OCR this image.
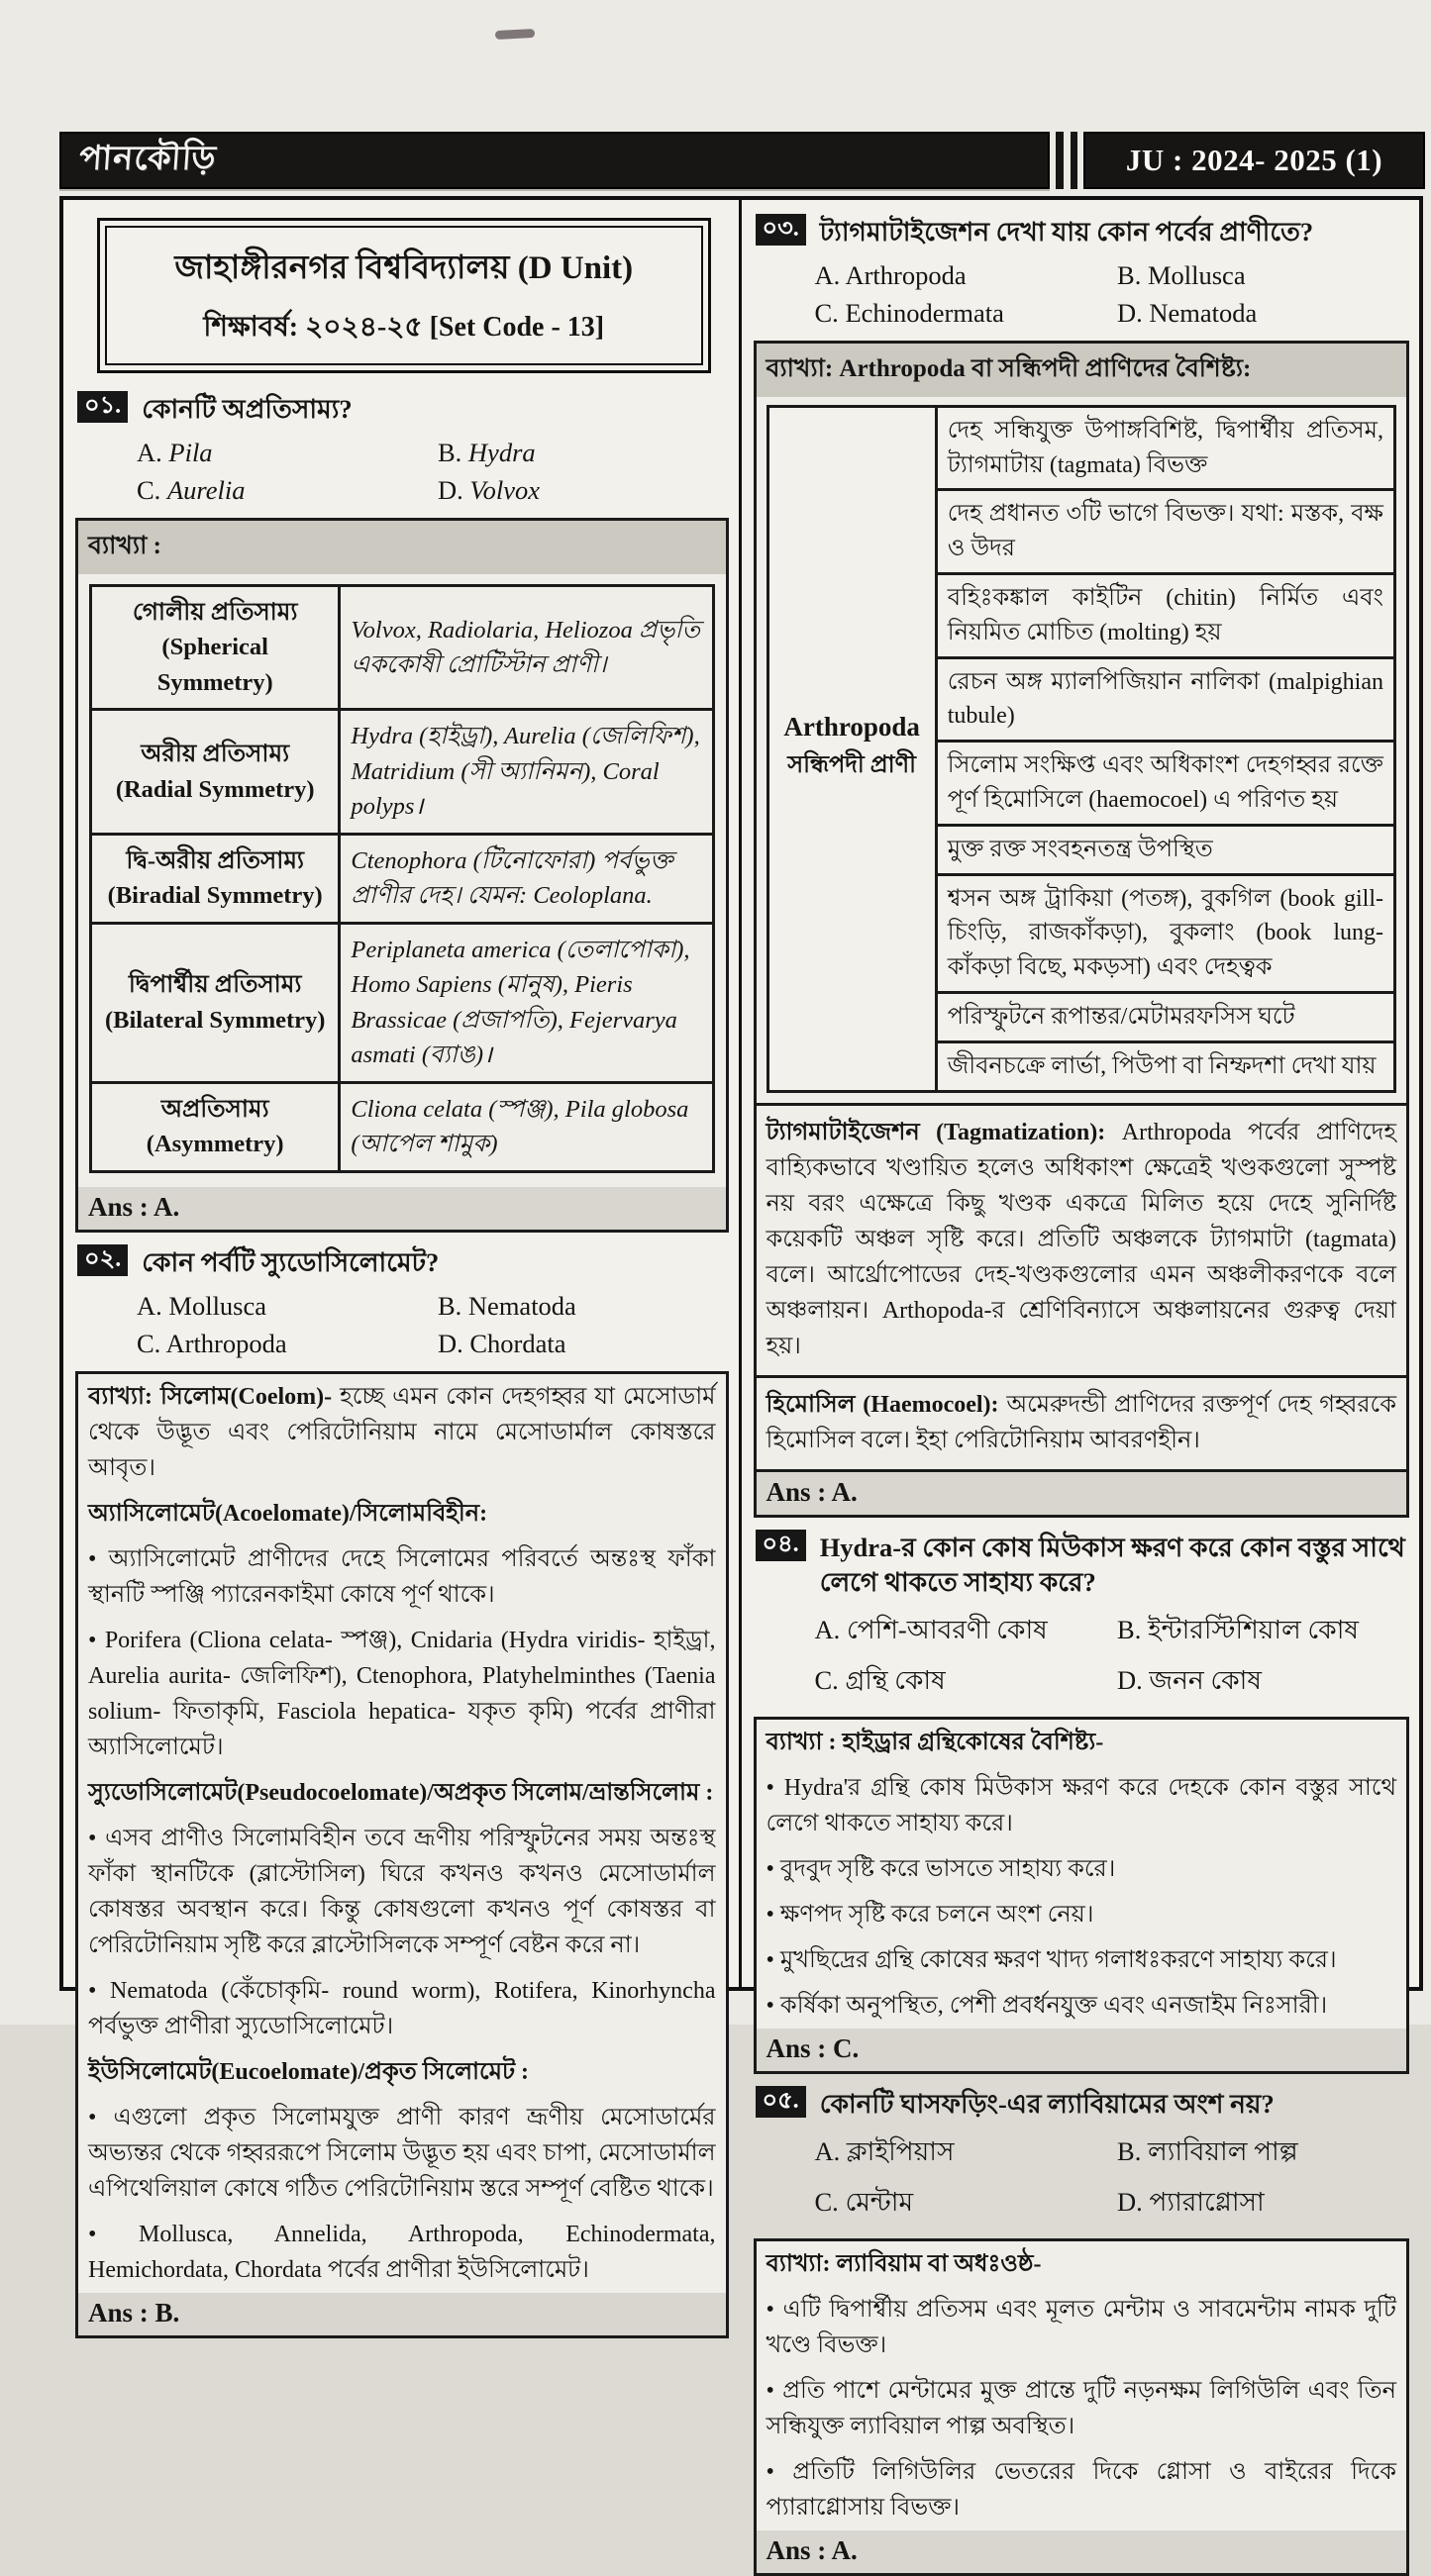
পানকৌড়ি	JU : 2024- 2025 (1)
জাহাঙ্গীরনগর বিশ্ববিদ্যালয় (D Unit)
শিক্ষাবর্ষ: ২০২৪-২৫ [Set Code - 13]
০১. কোনটি অপ্রতিসাম্য?
A. Pila	B. Hydra
C. Aurelia	D. Volvox
ব্যাখ্যা :
গোলীয় প্রতিসাম্য
(Spherical Symmetry)	Volvox, Radiolaria, Heliozoa প্রভৃতি এককোষী প্রোটিস্টান প্রাণী।

অরীয় প্রতিসাম্য
(Radial Symmetry)	Hydra (হাইড্রা), Aurelia (জেলিফিশ), Matridium (সী অ্যানিমন), Coral polyps।

দ্বি-অরীয় প্রতিসাম্য
(Biradial Symmetry)	Ctenophora (টিনোফোরা) পর্বভুক্ত প্রাণীর দেহ। যেমন: Ceoloplana.

দ্বিপার্শ্বীয় প্রতিসাম্য
(Bilateral Symmetry)	Periplaneta america (তেলাপোকা), Homo Sapiens (মানুষ), Pieris Brassicae (প্রজাপতি), Fejervarya asmati (ব্যাঙ)।

অপ্রতিসাম্য
(Asymmetry)	Cliona celata (স্পঞ্জ), Pila globosa (আপেল শামুক)
Ans : A.
০২. কোন পর্বটি স্যুডোসিলোমেট?
A. Mollusca	B. Nematoda
C. Arthropoda	D. Chordata

ব্যাখ্যা: সিলোম(Coelom)- হচ্ছে এমন কোন দেহগহ্বর যা মেসোডার্ম থেকে উদ্ভূত এবং পেরিটোনিয়াম নামে মেসোডার্মাল কোষস্তরে আবৃত।

অ্যাসিলোমেট(Acoelomate)/সিলোমবিহীন:

• অ্যাসিলোমেট প্রাণীদের দেহে সিলোমের পরিবর্তে অন্তঃস্থ ফাঁকা স্থানটি স্পঞ্জি প্যারেনকাইমা কোষে পূর্ণ থাকে।

• Porifera (Cliona celata- স্পঞ্জ), Cnidaria (Hydra viridis- হাইড্রা, Aurelia aurita- জেলিফিশ), Ctenophora, Platyhelminthes (Taenia solium- ফিতাকৃমি, Fasciola hepatica- যকৃত কৃমি) পর্বের প্রাণীরা অ্যাসিলোমেট।

স্যুডোসিলোমেট(Pseudocoelomate)/অপ্রকৃত সিলোম/ভ্রান্তসিলোম :

• এসব প্রাণীও সিলোমবিহীন তবে ভ্রূণীয় পরিস্ফুটনের সময় অন্তঃস্থ ফাঁকা স্থানটিকে (ব্লাস্টোসিল) ঘিরে কখনও কখনও মেসোডার্মাল কোষস্তর অবস্থান করে। কিন্তু কোষগুলো কখনও পূর্ণ কোষস্তর বা পেরিটোনিয়াম সৃষ্টি করে ব্লাস্টোসিলকে সম্পূর্ণ বেষ্টন করে না।

• Nematoda (কেঁচোকৃমি- round worm), Rotifera, Kinorhyncha পর্বভুক্ত প্রাণীরা স্যুডোসিলোমেট।

ইউসিলোমেট(Eucoelomate)/প্রকৃত সিলোমেট :

• এগুলো প্রকৃত সিলোমযুক্ত প্রাণী কারণ ভ্রূণীয় মেসোডার্মের অভ্যন্তর থেকে গহ্বররূপে সিলোম উদ্ভূত হয় এবং চাপা, মেসোডার্মাল এপিথেলিয়াল কোষে গঠিত পেরিটোনিয়াম স্তরে সম্পূর্ণ বেষ্টিত থাকে।

• Mollusca, Annelida, Arthropoda, Echinodermata, Hemichordata, Chordata পর্বের প্রাণীরা ইউসিলোমেট।

Ans : B.
০৩. ট্যাগমাটাইজেশন দেখা যায় কোন পর্বের প্রাণীতে?
A. Arthropoda	B. Mollusca
C. Echinodermata	D. Nematoda
ব্যাখ্যা: Arthropoda বা সন্ধিপদী প্রাণিদের বৈশিষ্ট্য:
Arthropoda
সন্ধিপদী প্রাণী
দেহ সন্ধিযুক্ত উপাঙ্গবিশিষ্ট, দ্বিপার্শ্বীয় প্রতিসম, ট্যাগমাটায় (tagmata) বিভক্ত
দেহ প্রধানত ৩টি ভাগে বিভক্ত। যথা: মস্তক, বক্ষ ও উদর
বহিঃকঙ্কাল কাইটিন (chitin) নির্মিত এবং নিয়মিত মোচিত (molting) হয়
রেচন অঙ্গ ম্যালপিজিয়ান নালিকা (malpighian tubule)
সিলোম সংক্ষিপ্ত এবং অধিকাংশ দেহগহ্বর রক্তে পূর্ণ হিমোসিলে (haemocoel) এ পরিণত হয়
মুক্ত রক্ত সংবহনতন্ত্র উপস্থিত
শ্বসন অঙ্গ ট্রাকিয়া (পতঙ্গ), বুকগিল (book gill- চিংড়ি, রাজকাঁকড়া), বুকলাং (book lung- কাঁকড়া বিছে, মকড়সা) এবং দেহত্বক
পরিস্ফুটনে রূপান্তর/মেটামরফসিস ঘটে
জীবনচক্রে লার্ভা, পিউপা বা নিম্ফদশা দেখা যায়

ট্যাগমাটাইজেশন (Tagmatization): Arthropoda পর্বের প্রাণিদেহ বাহ্যিকভাবে খণ্ডায়িত হলেও অধিকাংশ ক্ষেত্রেই খণ্ডকগুলো সুস্পষ্ট নয় বরং এক্ষেত্রে কিছু খণ্ডক একত্রে মিলিত হয়ে দেহে সুনির্দিষ্ট কয়েকটি অঞ্চল সৃষ্টি করে। প্রতিটি অঞ্চলকে ট্যাগমাটা (tagmata) বলে। আর্থ্রোপোডের দেহ-খণ্ডকগুলোর এমন অঞ্চলীকরণকে বলে অঞ্চলায়ন। Arthopoda-র শ্রেণিবিন্যাসে অঞ্চলায়নের গুরুত্ব দেয়া হয়।

হিমোসিল (Haemocoel): অমেরুদন্ডী প্রাণিদের রক্তপূর্ণ দেহ গহ্বরকে হিমোসিল বলে। ইহা পেরিটোনিয়াম আবরণহীন।

Ans : A.
০৪. Hydra-র কোন কোষ মিউকাস ক্ষরণ করে কোন বস্তুর সাথে লেগে থাকতে সাহায্য করে?
A. পেশি-আবরণী কোষ	B. ইন্টারস্টিশিয়াল কোষ
C. গ্রন্থি কোষ	D. জনন কোষ

ব্যাখ্যা : হাইড্রার গ্রন্থিকোষের বৈশিষ্ট্য-

• Hydra'র গ্রন্থি কোষ মিউকাস ক্ষরণ করে দেহকে কোন বস্তুর সাথে লেগে থাকতে সাহায্য করে।

• বুদবুদ সৃষ্টি করে ভাসতে সাহায্য করে।

• ক্ষণপদ সৃষ্টি করে চলনে অংশ নেয়।

• মুখছিদ্রের গ্রন্থি কোষের ক্ষরণ খাদ্য গলাধঃকরণে সাহায্য করে।

• কর্ষিকা অনুপস্থিত, পেশী প্রবর্ধনযুক্ত এবং এনজাইম নিঃসারী।

Ans : C.
০৫. কোনটি ঘাসফড়িং-এর ল্যাবিয়ামের অংশ নয়?
A. ক্লাইপিয়াস	B. ল্যাবিয়াল পাল্প
C. মেন্টাম	D. প্যারাগ্লোসা

ব্যাখ্যা: ল্যাবিয়াম বা অধঃওষ্ঠ-

• এটি দ্বিপার্শ্বীয় প্রতিসম এবং মূলত মেন্টাম ও সাবমেন্টাম নামক দুটি খণ্ডে বিভক্ত।

• প্রতি পাশে মেন্টামের মুক্ত প্রান্তে দুটি নড়নক্ষম লিগিউলি এবং তিন সন্ধিযুক্ত ল্যাবিয়াল পাল্প অবস্থিত।

• প্রতিটি লিগিউলির ভেতরের দিকে গ্লোসা ও বাইরের দিকে প্যারাগ্লোসায় বিভক্ত।

Ans : A.
